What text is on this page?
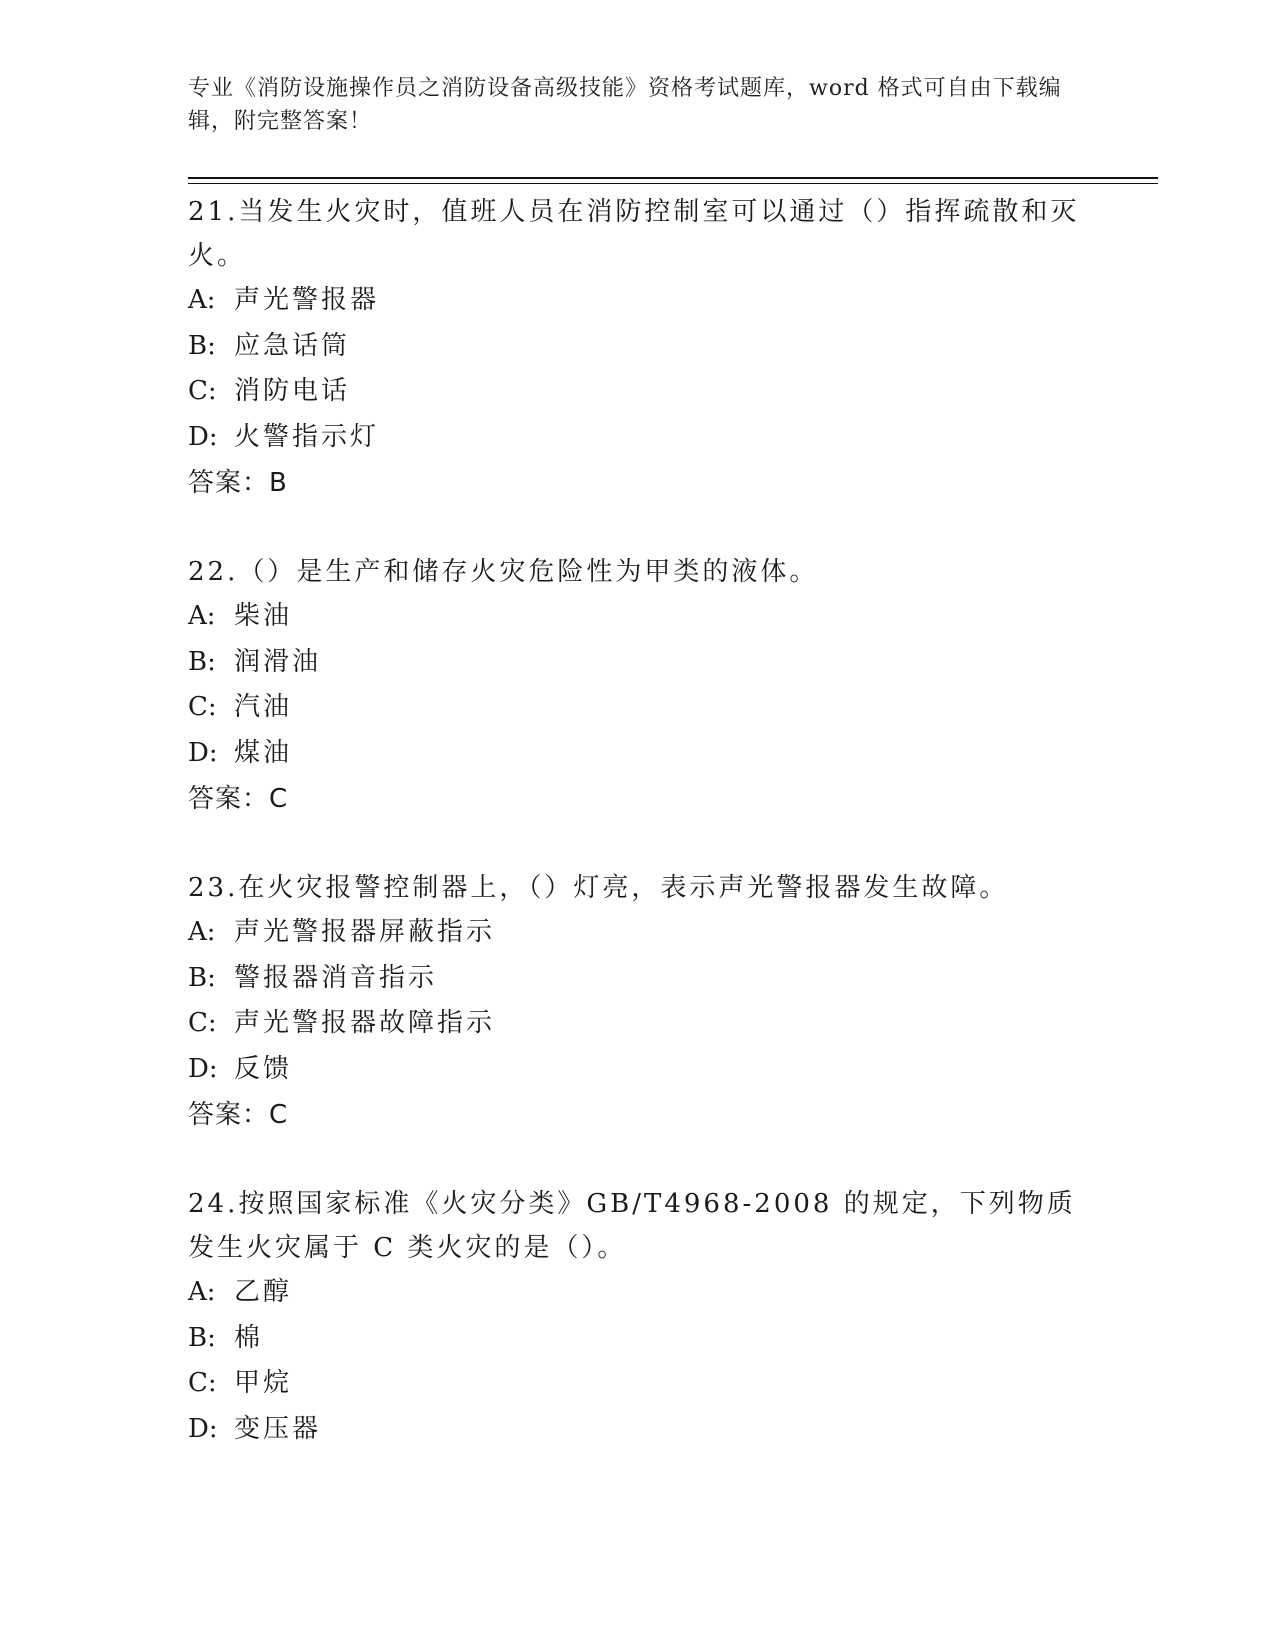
专业《消防设施操作员之消防设备高级技能》资格考试题库，word 格式可自由下载编辑，附完整答案！

21.当发生火灾时，值班人员在消防控制室可以通过（）指挥疏散和灭火。

A: 声光警报器

B: 应急话筒

C: 消防电话

D: 火警指示灯

答案：B

22.（）是生产和储存火灾危险性为甲类的液体。

A: 柴油

B: 润滑油

C: 汽油

D: 煤油

答案：C

23.在火灾报警控制器上，（）灯亮，表示声光警报器发生故障。

A: 声光警报器屏蔽指示

B: 警报器消音指示

C: 声光警报器故障指示

D: 反馈

答案：C

24.按照国家标准《火灾分类》GB/T4968-2008 的规定，下列物质发生火灾属于 C 类火灾的是（）。

A: 乙醇

B: 棉

C: 甲烷

D: 变压器
